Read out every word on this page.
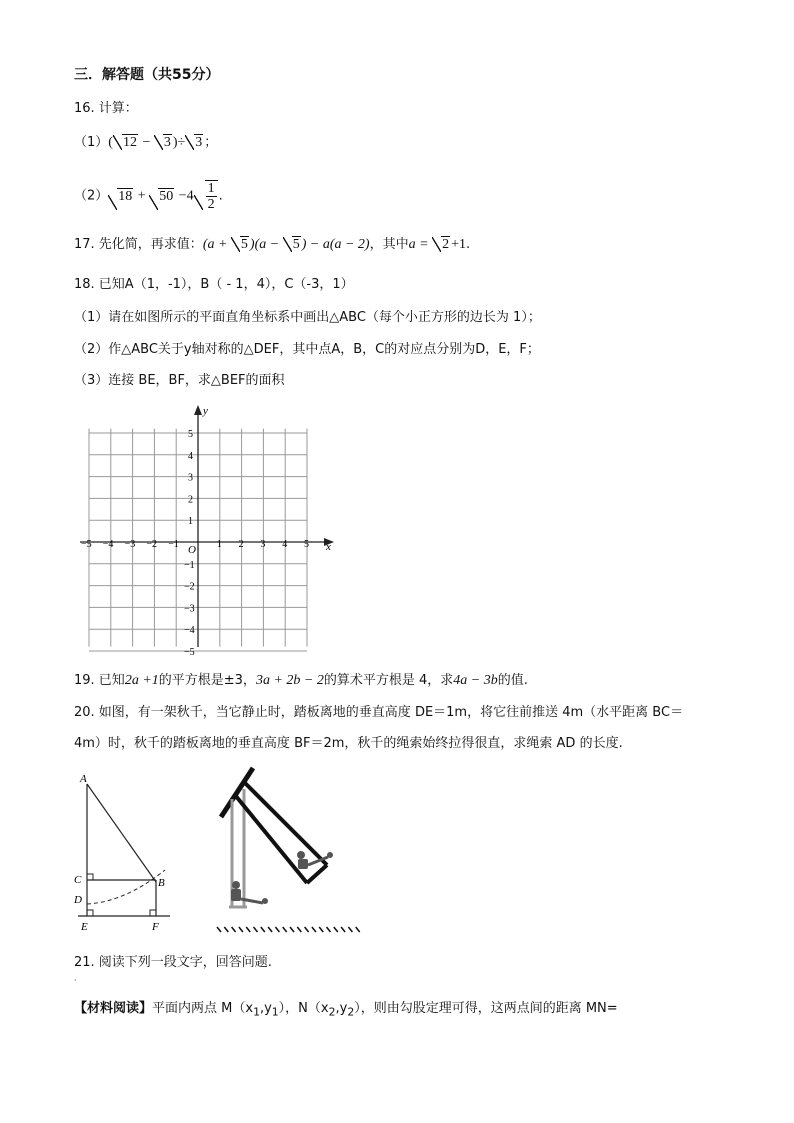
三．解答题（共55分）
16. 计算：
（1）( 12 − 3 )÷ 3 ；
（2） $18 + 50 -4 \frac{1}{2}$ .
17. 先化简，再求值：(a + 5 )(a − 5 ) − a(a − 2)，其中a = 2 +1.
18. 已知A（1，-1），B（ - 1，4），C（-3，1）
（1）请在如图所示的平面直角坐标系中画出△ABC（每个小正方形的边长为 1）；
（2）作△ABC关于y轴对称的△DEF，其中点A，B，C的对应点分别为D，E，F；
（3）连接 BE，BF，求△BEF的面积
x
y
O
−5 −4 −3 −2 −1	1 2 3 4 5
5
4
3
2
1
−1
−2
−3
−4
−5
19. 已知2a +1的平方根是±3，3a + 2b − 2的算术平方根是 4，求4a − 3b的值.
20. 如图，有一架秋千，当它静止时，踏板离地的垂直高度 DE＝1m，将它往前推送 4m（水平距离 BC＝
4m）时，秋千的踏板离地的垂直高度 BF＝2m，秋千的绳索始终拉得很直，求绳索 AD 的长度.
A
C	B
D
E	F
21. 阅读下列一段文字，回答问题.
·
【材料阅读】平面内两点 $M(x_1,y_1)$，$N(x_2,y_2)$，则由勾股定理可得，这两点间的距离 MN=
